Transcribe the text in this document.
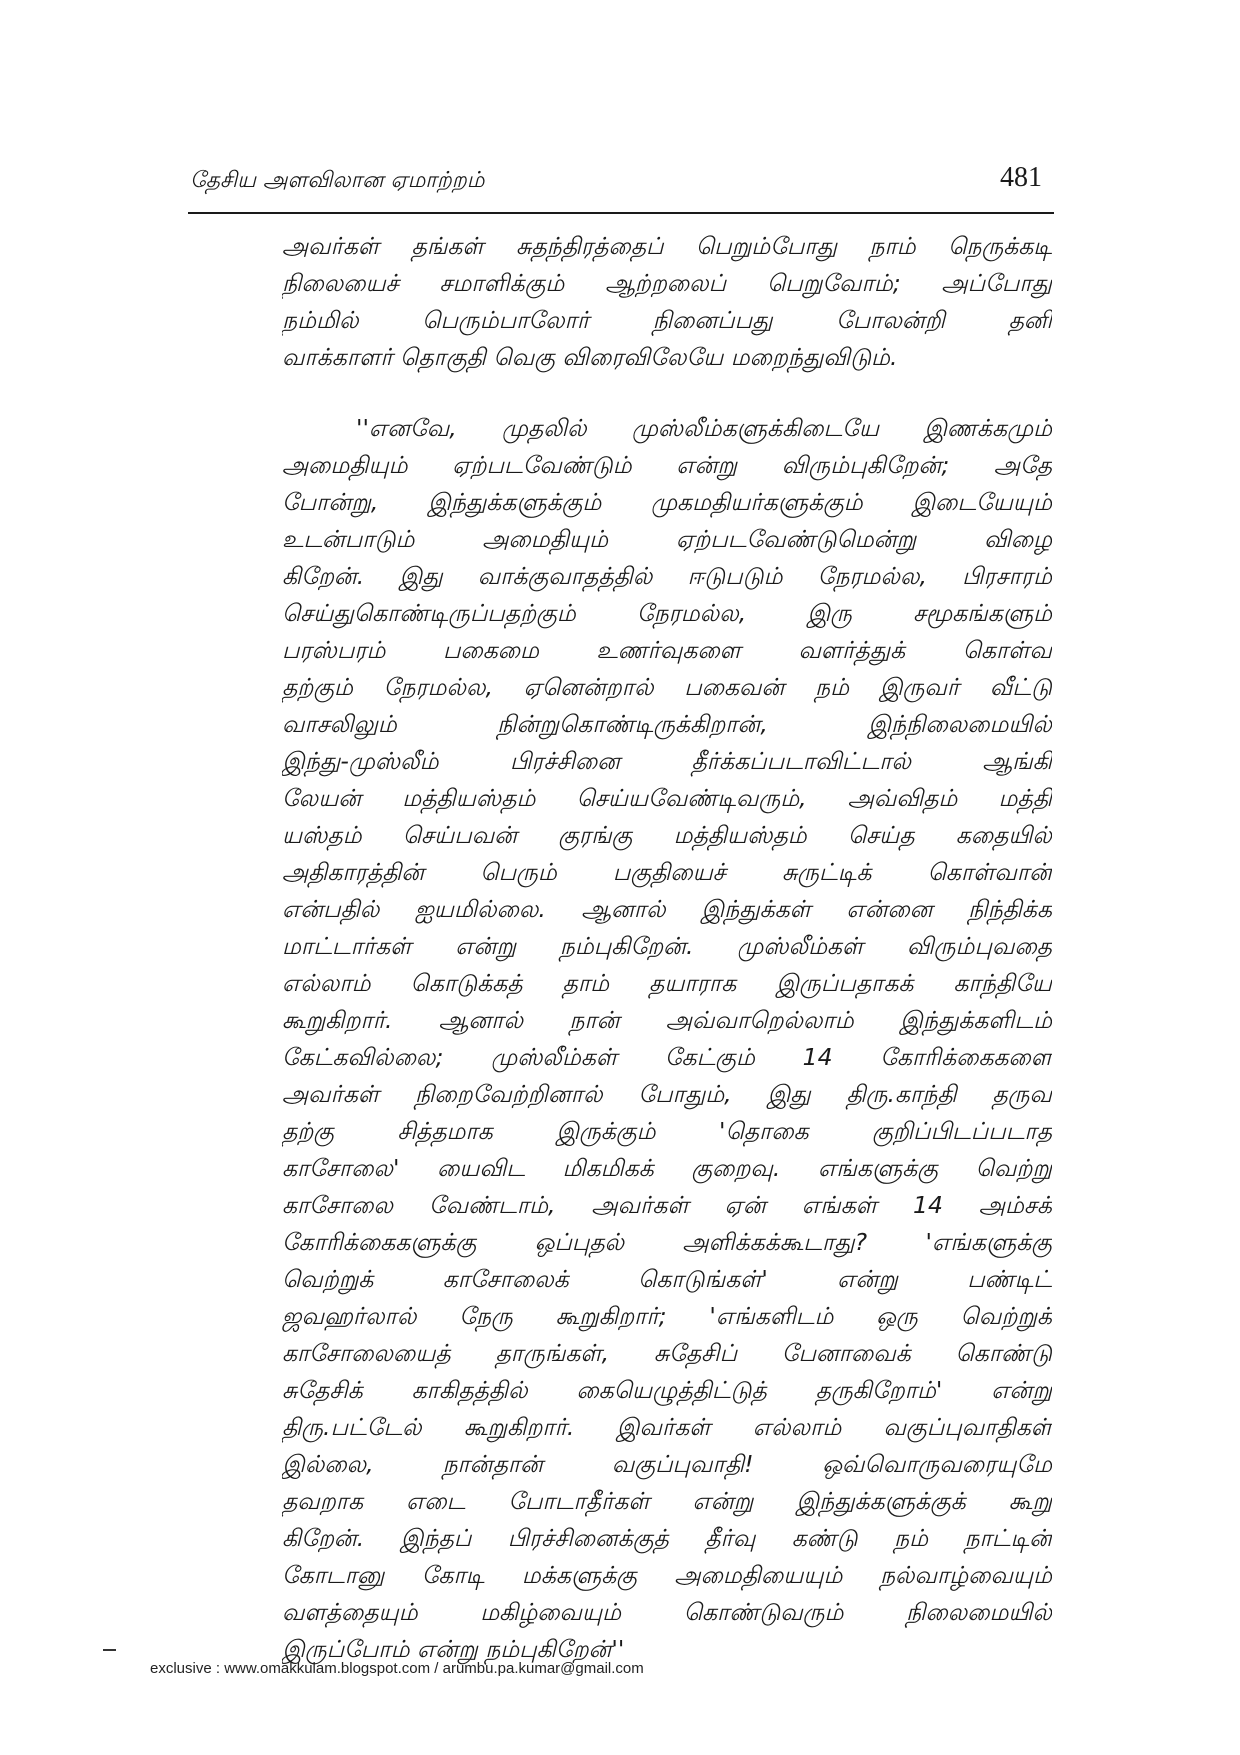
தேசிய அளவிலான ஏமாற்றம்	481
அவர்கள் தங்கள் சுதந்திரத்தைப் பெறும்போது நாம் நெருக்கடி
நிலையைச் சமாளிக்கும் ஆற்றலைப் பெறுவோம்; அப்போது
நம்மில் பெரும்பாலோர் நினைப்பது போலன்றி தனி
வாக்காளர் தொகுதி வெகு விரைவிலேயே மறைந்துவிடும்.
''எனவே, முதலில் முஸ்லீம்களுக்கிடையே இணக்கமும்
அமைதியும் ஏற்படவேண்டும் என்று விரும்புகிறேன்; அதே
போன்று, இந்துக்களுக்கும் முகமதியர்களுக்கும் இடையேயும்
உடன்பாடும் அமைதியும் ஏற்படவேண்டுமென்று விழை
கிறேன். இது வாக்குவாதத்தில் ஈடுபடும் நேரமல்ல, பிரசாரம்
செய்துகொண்டிருப்பதற்கும் நேரமல்ல, இரு சமூகங்களும்
பரஸ்பரம் பகைமை உணர்வுகளை வளர்த்துக் கொள்வ
தற்கும் நேரமல்ல, ஏனென்றால் பகைவன் நம் இருவர் வீட்டு
வாசலிலும் நின்றுகொண்டிருக்கிறான், இந்நிலைமையில்
இந்து-முஸ்லீம் பிரச்சினை தீர்க்கப்படாவிட்டால் ஆங்கி
லேயன் மத்தியஸ்தம் செய்யவேண்டிவரும், அவ்விதம் மத்தி
யஸ்தம் செய்பவன் குரங்கு மத்தியஸ்தம் செய்த கதையில்
அதிகாரத்தின் பெரும் பகுதியைச் சுருட்டிக் கொள்வான்
என்பதில் ஐயமில்லை. ஆனால் இந்துக்கள் என்னை நிந்திக்க
மாட்டார்கள் என்று நம்புகிறேன். முஸ்லீம்கள் விரும்புவதை
எல்லாம் கொடுக்கத் தாம் தயாராக இருப்பதாகக் காந்தியே
கூறுகிறார். ஆனால் நான் அவ்வாறெல்லாம் இந்துக்களிடம்
கேட்கவில்லை; முஸ்லீம்கள் கேட்கும் 14 கோரிக்கைகளை
அவர்கள் நிறைவேற்றினால் போதும், இது திரு.காந்தி தருவ
தற்கு சித்தமாக இருக்கும் 'தொகை குறிப்பிடப்படாத
காசோலை' யைவிட மிகமிகக் குறைவு. எங்களுக்கு வெற்று
காசோலை வேண்டாம், அவர்கள் ஏன் எங்கள் 14 அம்சக்
கோரிக்கைகளுக்கு ஒப்புதல் அளிக்கக்கூடாது? 'எங்களுக்கு
வெற்றுக் காசோலைக் கொடுங்கள்' என்று பண்டிட்
ஜவஹர்லால் நேரு கூறுகிறார்; 'எங்களிடம் ஒரு வெற்றுக்
காசோலையைத் தாருங்கள், சுதேசிப் பேனாவைக் கொண்டு
சுதேசிக் காகிதத்தில் கையெழுத்திட்டுத் தருகிறோம்' என்று
திரு.பட்டேல் கூறுகிறார். இவர்கள் எல்லாம் வகுப்புவாதிகள்
இல்லை, நான்தான் வகுப்புவாதி! ஒவ்வொருவரையுமே
தவறாக எடை போடாதீர்கள் என்று இந்துக்களுக்குக் கூறு
கிறேன். இந்தப் பிரச்சினைக்குத் தீர்வு கண்டு நம் நாட்டின்
கோடானு கோடி மக்களுக்கு அமைதியையும் நல்வாழ்வையும்
வளத்தையும் மகிழ்வையும் கொண்டுவரும் நிலைமையில்
இருப்போம் என்று நம்புகிறேன்''
exclusive : www.omakkulam.blogspot.com / arumbu.pa.kumar@gmail.com
